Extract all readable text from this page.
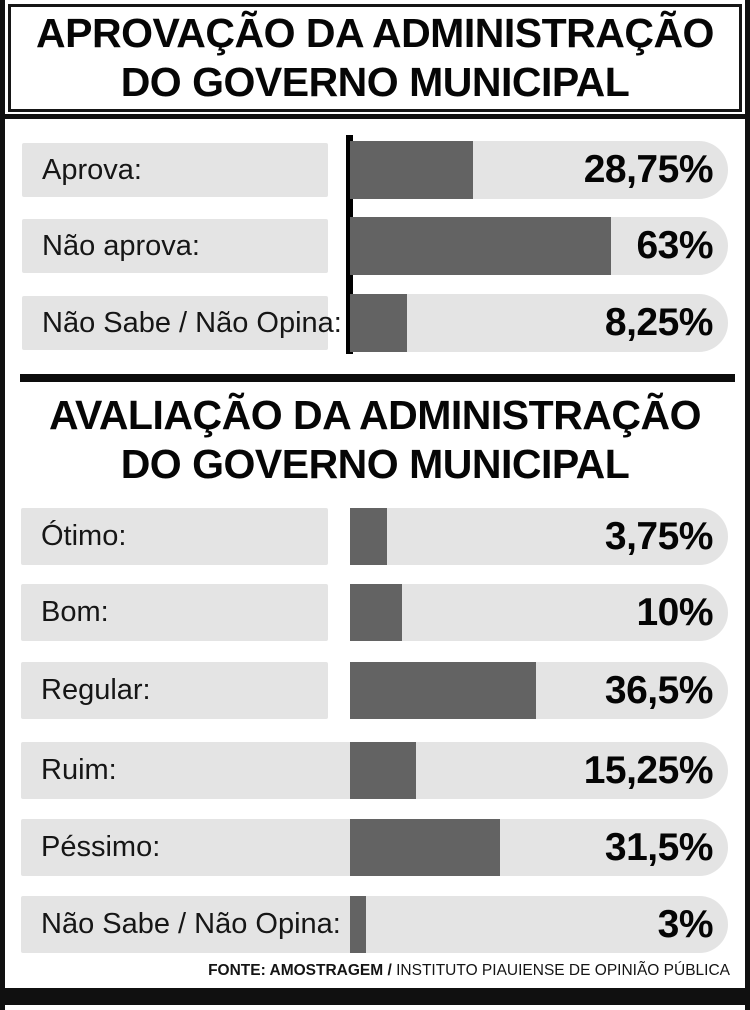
APROVAÇÃO DA ADMINISTRAÇÃO
DO GOVERNO MUNICIPAL
Aprova:	28,75%
Não aprova:	63%
Não Sabe / Não Opina:	8,25%
AVALIAÇÃO DA ADMINISTRAÇÃO
DO GOVERNO MUNICIPAL
Ótimo:	3,75%
Bom:	10%
Regular:	36,5%
Ruim:	15,25%
Péssimo:	31,5%
Não Sabe / Não Opina:	3%
FONTE: AMOSTRAGEM / INSTITUTO PIAUIENSE DE OPINIÃO PÚBLICA
